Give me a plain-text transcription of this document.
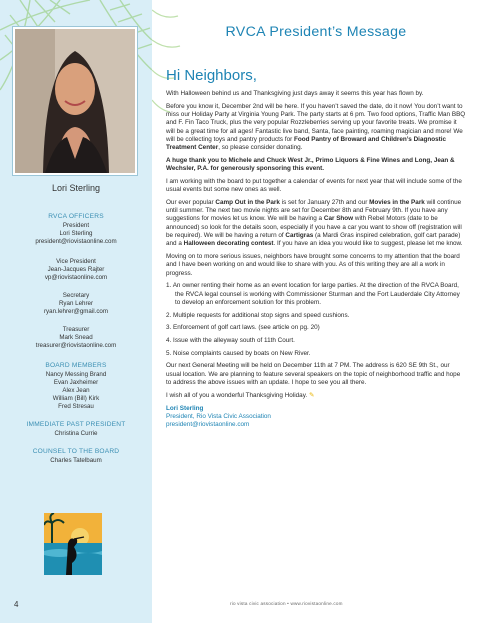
Lori Sterling
RVCA OFFICERS
President
Lori Sterling
president@riovistaonline.com
Vice President
Jean-Jacques Rajter
vp@riovistaonline.com
Secretary
Ryan Lehrer
ryan.lehrer@gmail.com
Treasurer
Mark Snead
treasurer@riovistaonline.com
BOARD MEMBERS
Nancy Messing Brand
Evan Jaxheimer
Alex Jean
William (Bill) Kirk
Fred Stresau
IMMEDIATE PAST PRESIDENT
Christina Currie
COUNSEL TO THE BOARD
Charles Tatelbaum
4
RVCA President’s Message
Hi Neighbors,

With Halloween behind us and Thanksgiving just days away it seems this year has flown by.

Before you know it, December 2nd will be here. If you haven’t saved the date, do it now! You don’t want to miss our Holiday Party at Virginia Young Park. The party starts at 6 pm. Two food options, Traffic Man BBQ and F. Fin Taco Truck, plus the very popular Rozzleberries serving up your favorite treats. We promise it will be a great time for all ages! Fantastic live band, Santa, face painting, roaming magician and more! We will be collecting toys and pantry products for Food Pantry of Broward and Children’s Diagnostic Treatment Center, so please consider donating.

A huge thank you to Michele and Chuck West Jr., Primo Liquors & Fine Wines and Long, Jean & Wechsler, P.A. for generously sponsoring this event.

I am working with the board to put together a calendar of events for next year that will include some of the usual events but some new ones as well.

Our ever popular Camp Out in the Park is set for January 27th and our Movies in the Park will continue until summer. The next two movie nights are set for December 8th and February 9th. If you have any suggestions for movies let us know. We will be having a Car Show with Rebel Motors (date to be announced) so look for the details soon, especially if you have a car you want to show off (registration will be required). We will be having a return of Cartigras (a Mardi Gras inspired celebration, golf cart parade) and a Halloween decorating contest. If you have an idea you would like to suggest, please let me know.

Moving on to more serious issues, neighbors have brought some concerns to my attention that the board and I have been working on and would like to share with you. As of this writing they are all a work in progress.

1. An owner renting their home as an event location for large parties. At the direction of the RVCA Board, the RVCA legal counsel is working with Commissioner Sturman and the Fort Lauderdale City Attorney to develop an enforcement solution for this problem.
2. Multiple requests for additional stop signs and speed cushions.
3. Enforcement of golf cart laws. (see article on pg. 20)
4. Issue with the alleyway south of 11th Court.
5. Noise complaints caused by boats on New River.

Our next General Meeting will be held on December 11th at 7 PM. The address is 620 SE 9th St., our usual location. We are planning to feature several speakers on the topic of neighborhood traffic and hope to address the above issues with an update. I hope to see you all there.

I wish all of you a wonderful Thanksgiving Holiday. ✎

Lori Sterling
President, Rio Vista Civic Association
president@riovistaonline.com
rio vista civic association • www.riovistaonline.com
